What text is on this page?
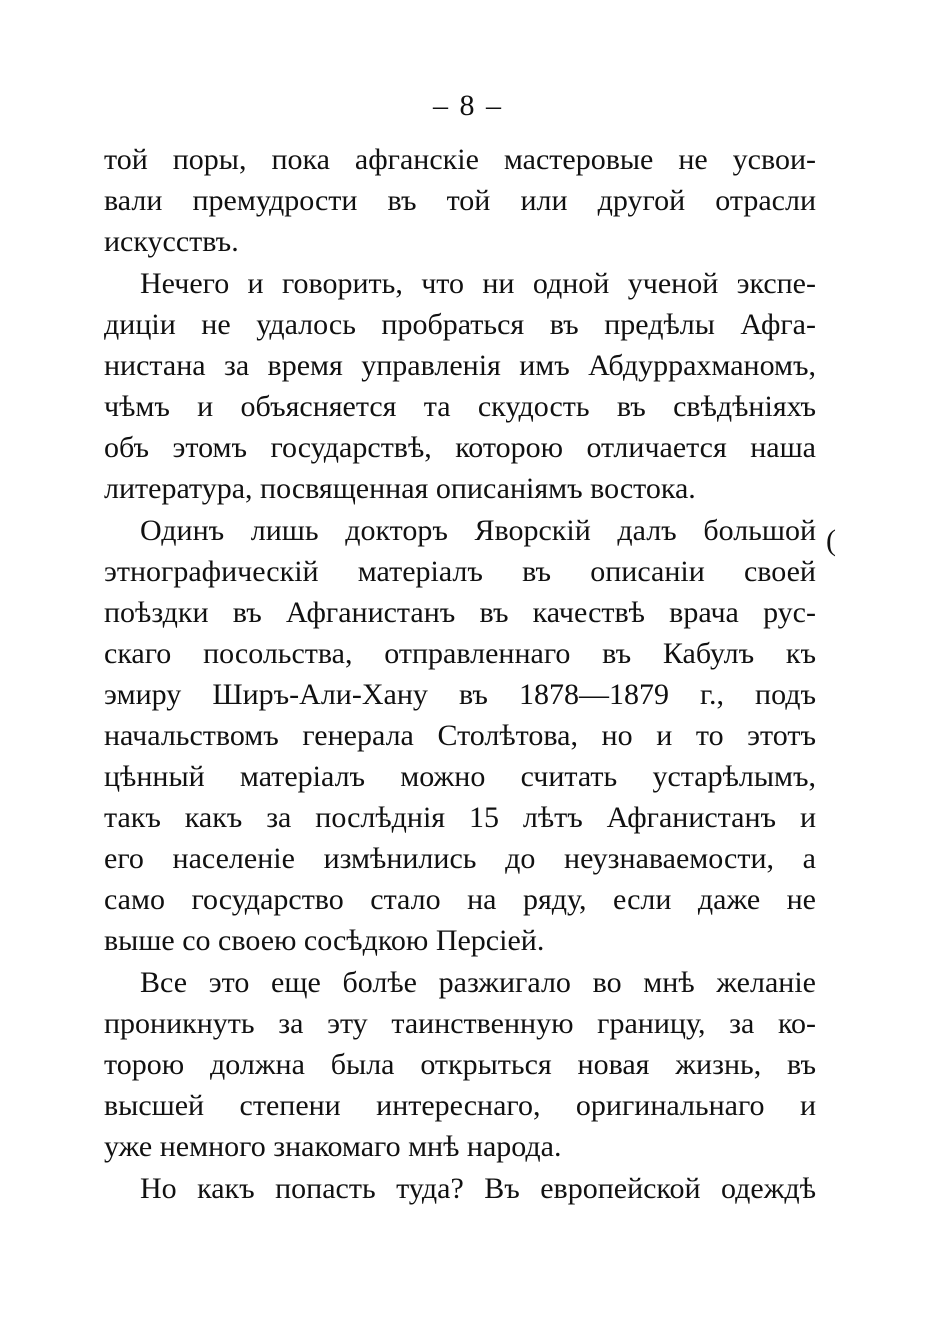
– 8 –
той поры, пока афганскіе мастеровые не усвои-
вали премудрости въ той или другой отрасли
искусствъ.
Нечего и говорить, что ни одной ученой экспе-
диціи не удалось пробраться въ предѣлы Афга-
нистана за время управленія имъ Абдуррахманомъ,
чѣмъ и объясняется та скудость въ свѣдѣніяхъ
объ этомъ государствѣ, которою отличается наша
литература, посвященная описаніямъ востока.
Одинъ лишь докторъ Яворскій далъ большой
этнографическій матеріалъ въ описаніи своей
поѣздки въ Афганистанъ въ качествѣ врача рус-
скаго посольства, отправленнаго въ Кабулъ къ
эмиру Ширъ-Али-Хану въ 1878—1879 г., подъ
начальствомъ генерала Столѣтова, но и то этотъ
цѣнный матеріалъ можно считать устарѣлымъ,
такъ какъ за послѣднія 15 лѣтъ Афганистанъ и
его населеніе измѣнились до неузнаваемости, а
само государство стало на ряду, если даже не
выше со своею сосѣдкою Персіей.
Все это еще болѣе разжигало во мнѣ желаніе
проникнуть за эту таинственную границу, за ко-
торою должна была открыться новая жизнь, въ
высшей степени интереснаго, оригинальнаго и
уже немного знакомаго мнѣ народа.
Но какъ попасть туда? Въ европейской одеждѣ
(
